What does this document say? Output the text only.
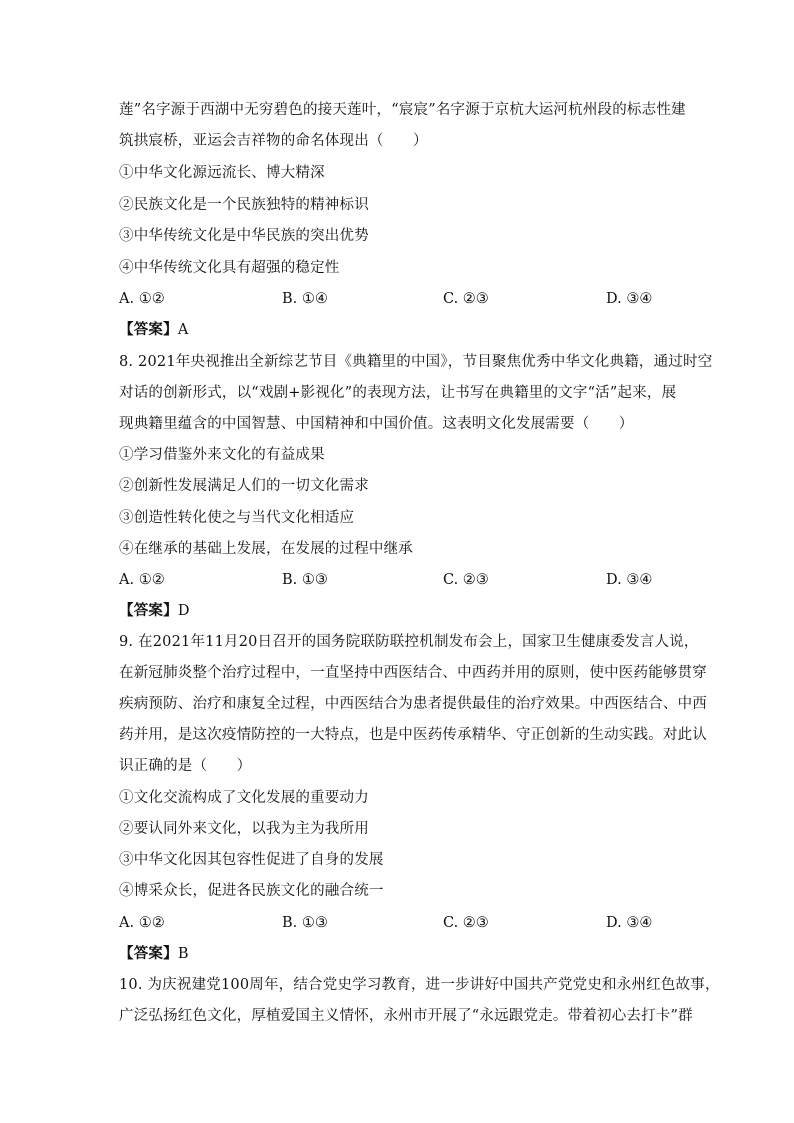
莲”名字源于西湖中无穷碧色的接天莲叶，“宸宸”名字源于京杭大运河杭州段的标志性建
筑拱宸桥，亚运会吉祥物的命名体现出（　　）
①中华文化源远流长、博大精深
②民族文化是一个民族独特的精神标识
③中华传统文化是中华民族的突出优势
④中华传统文化具有超强的稳定性
A. ①②	B. ①④	C. ②③	D. ③④
【答案】A
8. 2021年央视推出全新综艺节目《典籍里的中国》，节目聚焦优秀中华文化典籍，通过时空
对话的创新形式，以“戏剧+影视化”的表现方法，让书写在典籍里的文字“活”起来，展
现典籍里蕴含的中国智慧、中国精神和中国价值。这表明文化发展需要（　　）
①学习借鉴外来文化的有益成果
②创新性发展满足人们的一切文化需求
③创造性转化使之与当代文化相适应
④在继承的基础上发展，在发展的过程中继承
A. ①②	B. ①③	C. ②③	D. ③④
【答案】D
9. 在2021年11月20日召开的国务院联防联控机制发布会上，国家卫生健康委发言人说，
在新冠肺炎整个治疗过程中，一直坚持中西医结合、中西药并用的原则，使中医药能够贯穿
疾病预防、治疗和康复全过程，中西医结合为患者提供最佳的治疗效果。中西医结合、中西
药并用，是这次疫情防控的一大特点，也是中医药传承精华、守正创新的生动实践。对此认
识正确的是（　　）
①文化交流构成了文化发展的重要动力
②要认同外来文化，以我为主为我所用
③中华文化因其包容性促进了自身的发展
④博采众长，促进各民族文化的融合统一
A. ①②	B. ①③	C. ②③	D. ③④
【答案】B
10. 为庆祝建党100周年，结合党史学习教育，进一步讲好中国共产党党史和永州红色故事，
广泛弘扬红色文化，厚植爱国主义情怀，永州市开展了“永远跟党走。带着初心去打卡”群
